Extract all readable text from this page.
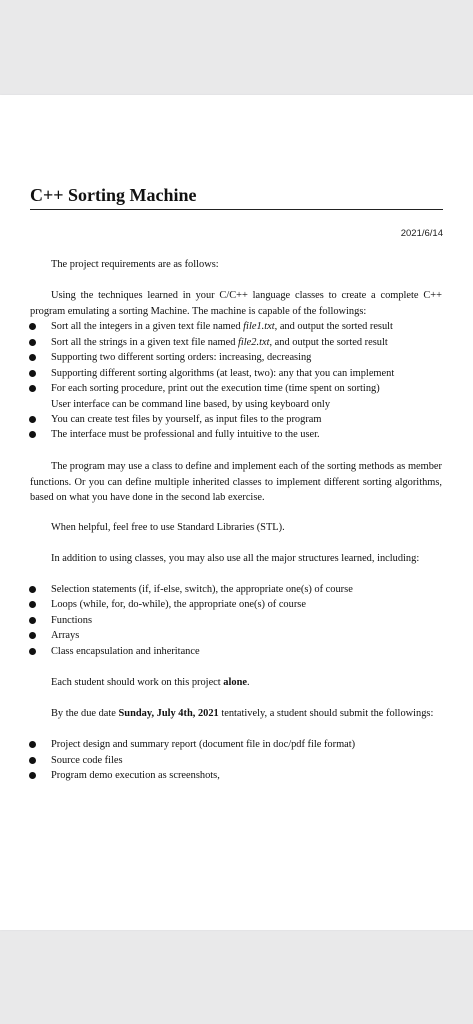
C++ Sorting Machine
2021/6/14

The project requirements are as follows:

Using the techniques learned in your C/C++ language classes to create a complete C++ program emulating a sorting Machine. The machine is capable of the followings:

Sort all the integers in a given text file named file1.txt, and output the sorted result

Sort all the strings in a given text file named file2.txt, and output the sorted result

Supporting two different sorting orders: increasing, decreasing

Supporting different sorting algorithms (at least, two): any that you can implement

For each sorting procedure, print out the execution time (time spent on sorting)

User interface can be command line based, by using keyboard only

You can create test files by yourself, as input files to the program

The interface must be professional and fully intuitive to the user.

The program may use a class to define and implement each of the sorting methods as member functions. Or you can define multiple inherited classes to implement different sorting algorithms, based on what you have done in the second lab exercise.

When helpful, feel free to use Standard Libraries (STL).

In addition to using classes, you may also use all the major structures learned, including:

Selection statements (if, if-else, switch), the appropriate one(s) of course

Loops (while, for, do-while), the appropriate one(s) of course

Functions

Arrays

Class encapsulation and inheritance

Each student should work on this project alone.

By the due date Sunday, July 4th, 2021 tentatively, a student should submit the followings:

Project design and summary report (document file in doc/pdf file format)

Source code files

Program demo execution as screenshots,
